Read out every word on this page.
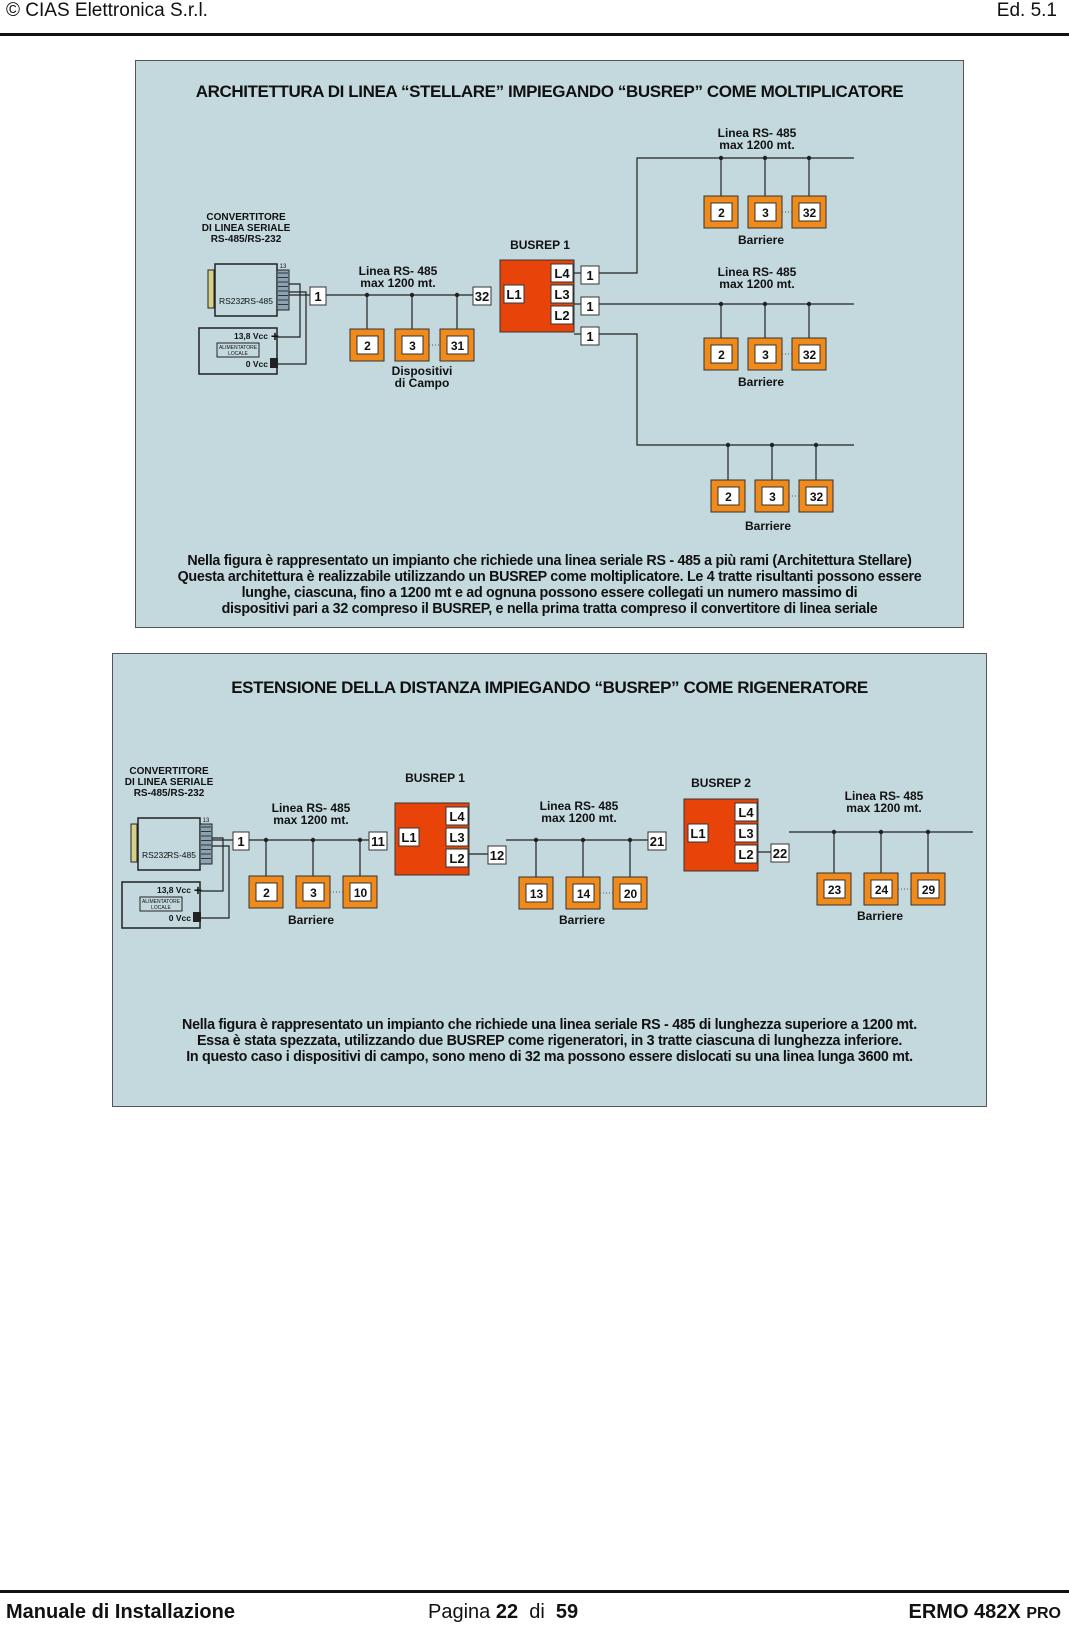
© CIAS Elettronica S.r.l.	Ed. 5.1
ARCHITETTURA DI LINEA “STELLARE” IMPIEGANDO “BUSREP” COME MOLTIPLICATORE
13
RS232 RS-485
13,8 Vcc
ALIMENTATORE
LOCALE
0 Vcc
+
CONVERTITORE
DI LINEA SERIALE
RS-485/RS-232
1
Linea RS- 485
max 1200 mt.
2	3	31
Dispositivi
di Campo
32 L1
L4
L3
L2
BUSREP 1
1
1
1
Linea RS- 485
max 1200 mt.
2	3	32
Barriere
Linea RS- 485
max 1200 mt.
2	3	32
Barriere
2	3	32
Barriere
Nella figura è rappresentato un impianto che richiede una linea seriale RS - 485 a più rami (Architettura Stellare)
Questa architettura è realizzabile utilizzando un BUSREP come moltiplicatore. Le 4 tratte risultanti possono essere
lunghe, ciascuna, fino a 1200 mt e ad ognuna possono essere collegati un numero massimo di
dispositivi pari a 32 compreso il BUSREP, e nella prima tratta compreso il convertitore di linea seriale
ESTENSIONE DELLA DISTANZA IMPIEGANDO “BUSREP” COME RIGENERATORE
13
RS232 RS-485
13,8 Vcc
ALIMENTATORE
LOCALE
0 Vcc
+
CONVERTITORE
DI LINEA SERIALE
RS-485/RS-232
1
Linea RS- 485
max 1200 mt.
2	3	10
Barriere
11 L1
L4
L3
L2
BUSREP 1
12
Linea RS- 485
max 1200 mt.
13	14	20
Barriere
21
L1
L4
L3
L2
BUSREP 2
22
Linea RS- 485
max 1200 mt.
23	24	29
Barriere
Nella figura è rappresentato un impianto che richiede una linea seriale RS - 485 di lunghezza superiore a 1200 mt.
Essa è stata spezzata, utilizzando due BUSREP come rigeneratori, in 3 tratte ciascuna di lunghezza inferiore.
In questo caso i dispositivi di campo, sono meno di 32 ma possono essere dislocati su una linea lunga 3600 mt.
Manuale di Installazione	Pagina 22 di 59	ERMO 482X PRO
